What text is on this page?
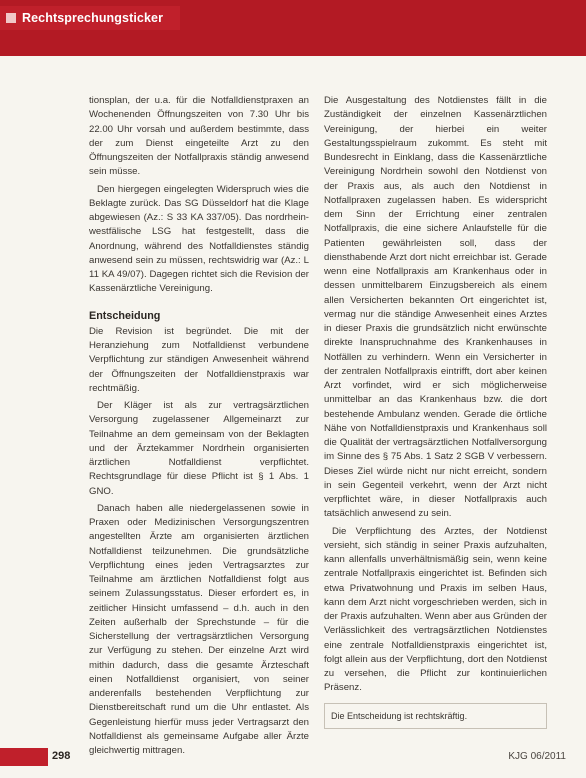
Rechtsprechungsticker

tionsplan, der u.a. für die Notfalldienstpraxen an Wochenenden Öffnungszeiten von 7.30 Uhr bis 22.00 Uhr vorsah und außerdem bestimmte, dass der zum Dienst eingeteilte Arzt zu den Öffnungszeiten der Notfallpraxis ständig anwesend sein müsse.

Den hiergegen eingelegten Widerspruch wies die Beklagte zurück. Das SG Düsseldorf hat die Klage abgewiesen (Az.: S 33 KA 337/05). Das nordrhein-westfälische LSG hat festgestellt, dass die Anordnung, während des Notfalldienstes ständig anwesend sein zu müssen, rechtswidrig war (Az.: L 11 KA 49/07). Dagegen richtet sich die Revision der Kassenärztliche Vereinigung.

Entscheidung

Die Revision ist begründet. Die mit der Heranziehung zum Notfalldienst verbundene Verpflichtung zur ständigen Anwesenheit während der Öffnungszeiten der Notfalldienstpraxis war rechtmäßig.

Der Kläger ist als zur vertragsärztlichen Versorgung zugelassener Allgemeinarzt zur Teilnahme an dem gemeinsam von der Beklagten und der Ärztekammer Nordrhein organisierten ärztlichen Notfalldienst verpflichtet. Rechtsgrundlage für diese Pflicht ist § 1 Abs. 1 GNO.

Danach haben alle niedergelassenen sowie in Praxen oder Medizinischen Versorgungszentren angestellten Ärzte am organisierten ärztlichen Notfalldienst teilzunehmen. Die grundsätzliche Verpflichtung eines jeden Vertragsarztes zur Teilnahme am ärztlichen Notfalldienst folgt aus seinem Zulassungsstatus. Dieser erfordert es, in zeitlicher Hinsicht umfassend – d.h. auch in den Zeiten außerhalb der Sprechstunde – für die Sicherstellung der vertragsärztlichen Versorgung zur Verfügung zu stehen. Der einzelne Arzt wird mithin dadurch, dass die gesamte Ärzteschaft einen Notfalldienst organisiert, von seiner anderenfalls bestehenden Verpflichtung zur Dienstbereitschaft rund um die Uhr entlastet. Als Gegenleistung hierfür muss jeder Vertragsarzt den Notfalldienst als gemeinsame Aufgabe aller Ärzte gleichwertig mittragen.

Die Ausgestaltung des Notdienstes fällt in die Zuständigkeit der einzelnen Kassenärztlichen Vereinigung, der hierbei ein weiter Gestaltungsspielraum zukommt. Es steht mit Bundesrecht in Einklang, dass die Kassenärztliche Vereinigung Nordrhein sowohl den Notdienst von der Praxis aus, als auch den Notdienst in Notfallpraxen zugelassen haben. Es widerspricht dem Sinn der Errichtung einer zentralen Notfallpraxis, die eine sichere Anlaufstelle für die Patienten gewährleisten soll, dass der diensthabende Arzt dort nicht erreichbar ist. Gerade wenn eine Notfallpraxis am Krankenhaus oder in dessen unmittelbarem Einzugsbereich als einem allen Versicherten bekannten Ort eingerichtet ist, vermag nur die ständige Anwesenheit eines Arztes in dieser Praxis die grundsätzlich nicht erwünschte direkte Inanspruchnahme des Krankenhauses in Notfällen zu verhindern. Wenn ein Versicherter in der zentralen Notfallpraxis eintrifft, dort aber keinen Arzt vorfindet, wird er sich möglicherweise unmittelbar an das Krankenhaus bzw. die dort bestehende Ambulanz wenden. Gerade die örtliche Nähe von Notfalldienstpraxis und Krankenhaus soll die Qualität der vertragsärztlichen Notfallversorgung im Sinne des § 75 Abs. 1 Satz 2 SGB V verbessern. Dieses Ziel würde nicht nur nicht erreicht, sondern in sein Gegenteil verkehrt, wenn der Arzt nicht verpflichtet wäre, in dieser Notfallpraxis auch tatsächlich anwesend zu sein.

Die Verpflichtung des Arztes, der Notdienst versieht, sich ständig in seiner Praxis aufzuhalten, kann allenfalls unverhältnismäßig sein, wenn keine zentrale Notfallpraxis eingerichtet ist. Befinden sich etwa Privatwohnung und Praxis im selben Haus, kann dem Arzt nicht vorgeschrieben werden, sich in der Praxis aufzuhalten. Wenn aber aus Gründen der Verlässlichkeit des vertragsärztlichen Notdienstes eine zentrale Notfalldienstpraxis eingerichtet ist, folgt allein aus der Verpflichtung, dort den Notdienst zu versehen, die Pflicht zur kontinuierlichen Präsenz.

Die Entscheidung ist rechtskräftig.
298	KJG 06/2011
